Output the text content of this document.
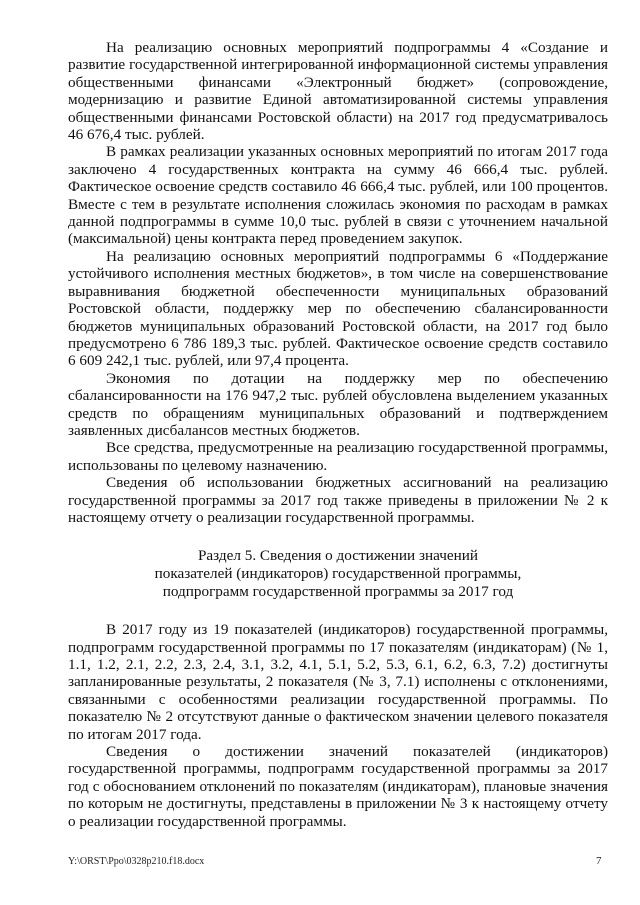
На реализацию основных мероприятий подпрограммы 4 «Создание и развитие государственной интегрированной информационной системы управления общественными финансами «Электронный бюджет» (сопровождение, модернизацию и развитие Единой автоматизированной системы управления общественными финансами Ростовской области) на 2017 год предусматривалось 46 676,4 тыс. рублей.

В рамках реализации указанных основных мероприятий по итогам 2017 года заключено 4 государственных контракта на сумму 46 666,4 тыс. рублей. Фактическое освоение средств составило 46 666,4 тыс. рублей, или 100 процентов. Вместе с тем в результате исполнения сложилась экономия по расходам в рамках данной подпрограммы в сумме 10,0 тыс. рублей в связи с уточнением начальной (максимальной) цены контракта перед проведением закупок.

На реализацию основных мероприятий подпрограммы 6 «Поддержание устойчивого исполнения местных бюджетов», в том числе на совершенствование выравнивания бюджетной обеспеченности муниципальных образований Ростовской области, поддержку мер по обеспечению сбалансированности бюджетов муниципальных образований Ростовской области, на 2017 год было предусмотрено 6 786 189,3 тыс. рублей. Фактическое освоение средств составило 6 609 242,1 тыс. рублей, или 97,4 процента.

Экономия по дотации на поддержку мер по обеспечению сбалансированности на 176 947,2 тыс. рублей обусловлена выделением указанных средств по обращениям муниципальных образований и подтверждением заявленных дисбалансов местных бюджетов.

Все средства, предусмотренные на реализацию государственной программы, использованы по целевому назначению.

Сведения об использовании бюджетных ассигнований на реализацию государственной программы за 2017 год также приведены в приложении № 2 к настоящему отчету о реализации государственной программы.

Раздел 5. Сведения о достижении значений
показателей (индикаторов) государственной программы,
подпрограмм государственной программы за 2017 год

В 2017 году из 19 показателей (индикаторов) государственной программы, подпрограмм государственной программы по 17 показателям (индикаторам) (№ 1, 1.1, 1.2, 2.1, 2.2, 2.3, 2.4, 3.1, 3.2, 4.1, 5.1, 5.2, 5.3, 6.1, 6.2, 6.3, 7.2) достигнуты запланированные результаты, 2 показателя (№ 3, 7.1) исполнены с отклонениями, связанными с особенностями реализации государственной программы. По показателю № 2 отсутствуют данные о фактическом значении целевого показателя по итогам 2017 года.

Сведения о достижении значений показателей (индикаторов) государственной программы, подпрограмм государственной программы за 2017 год с обоснованием отклонений по показателям (индикаторам), плановые значения по которым не достигнуты, представлены в приложении № 3 к настоящему отчету о реализации государственной программы.

Y:\ORST\Ppo\0328p210.f18.docx	7
